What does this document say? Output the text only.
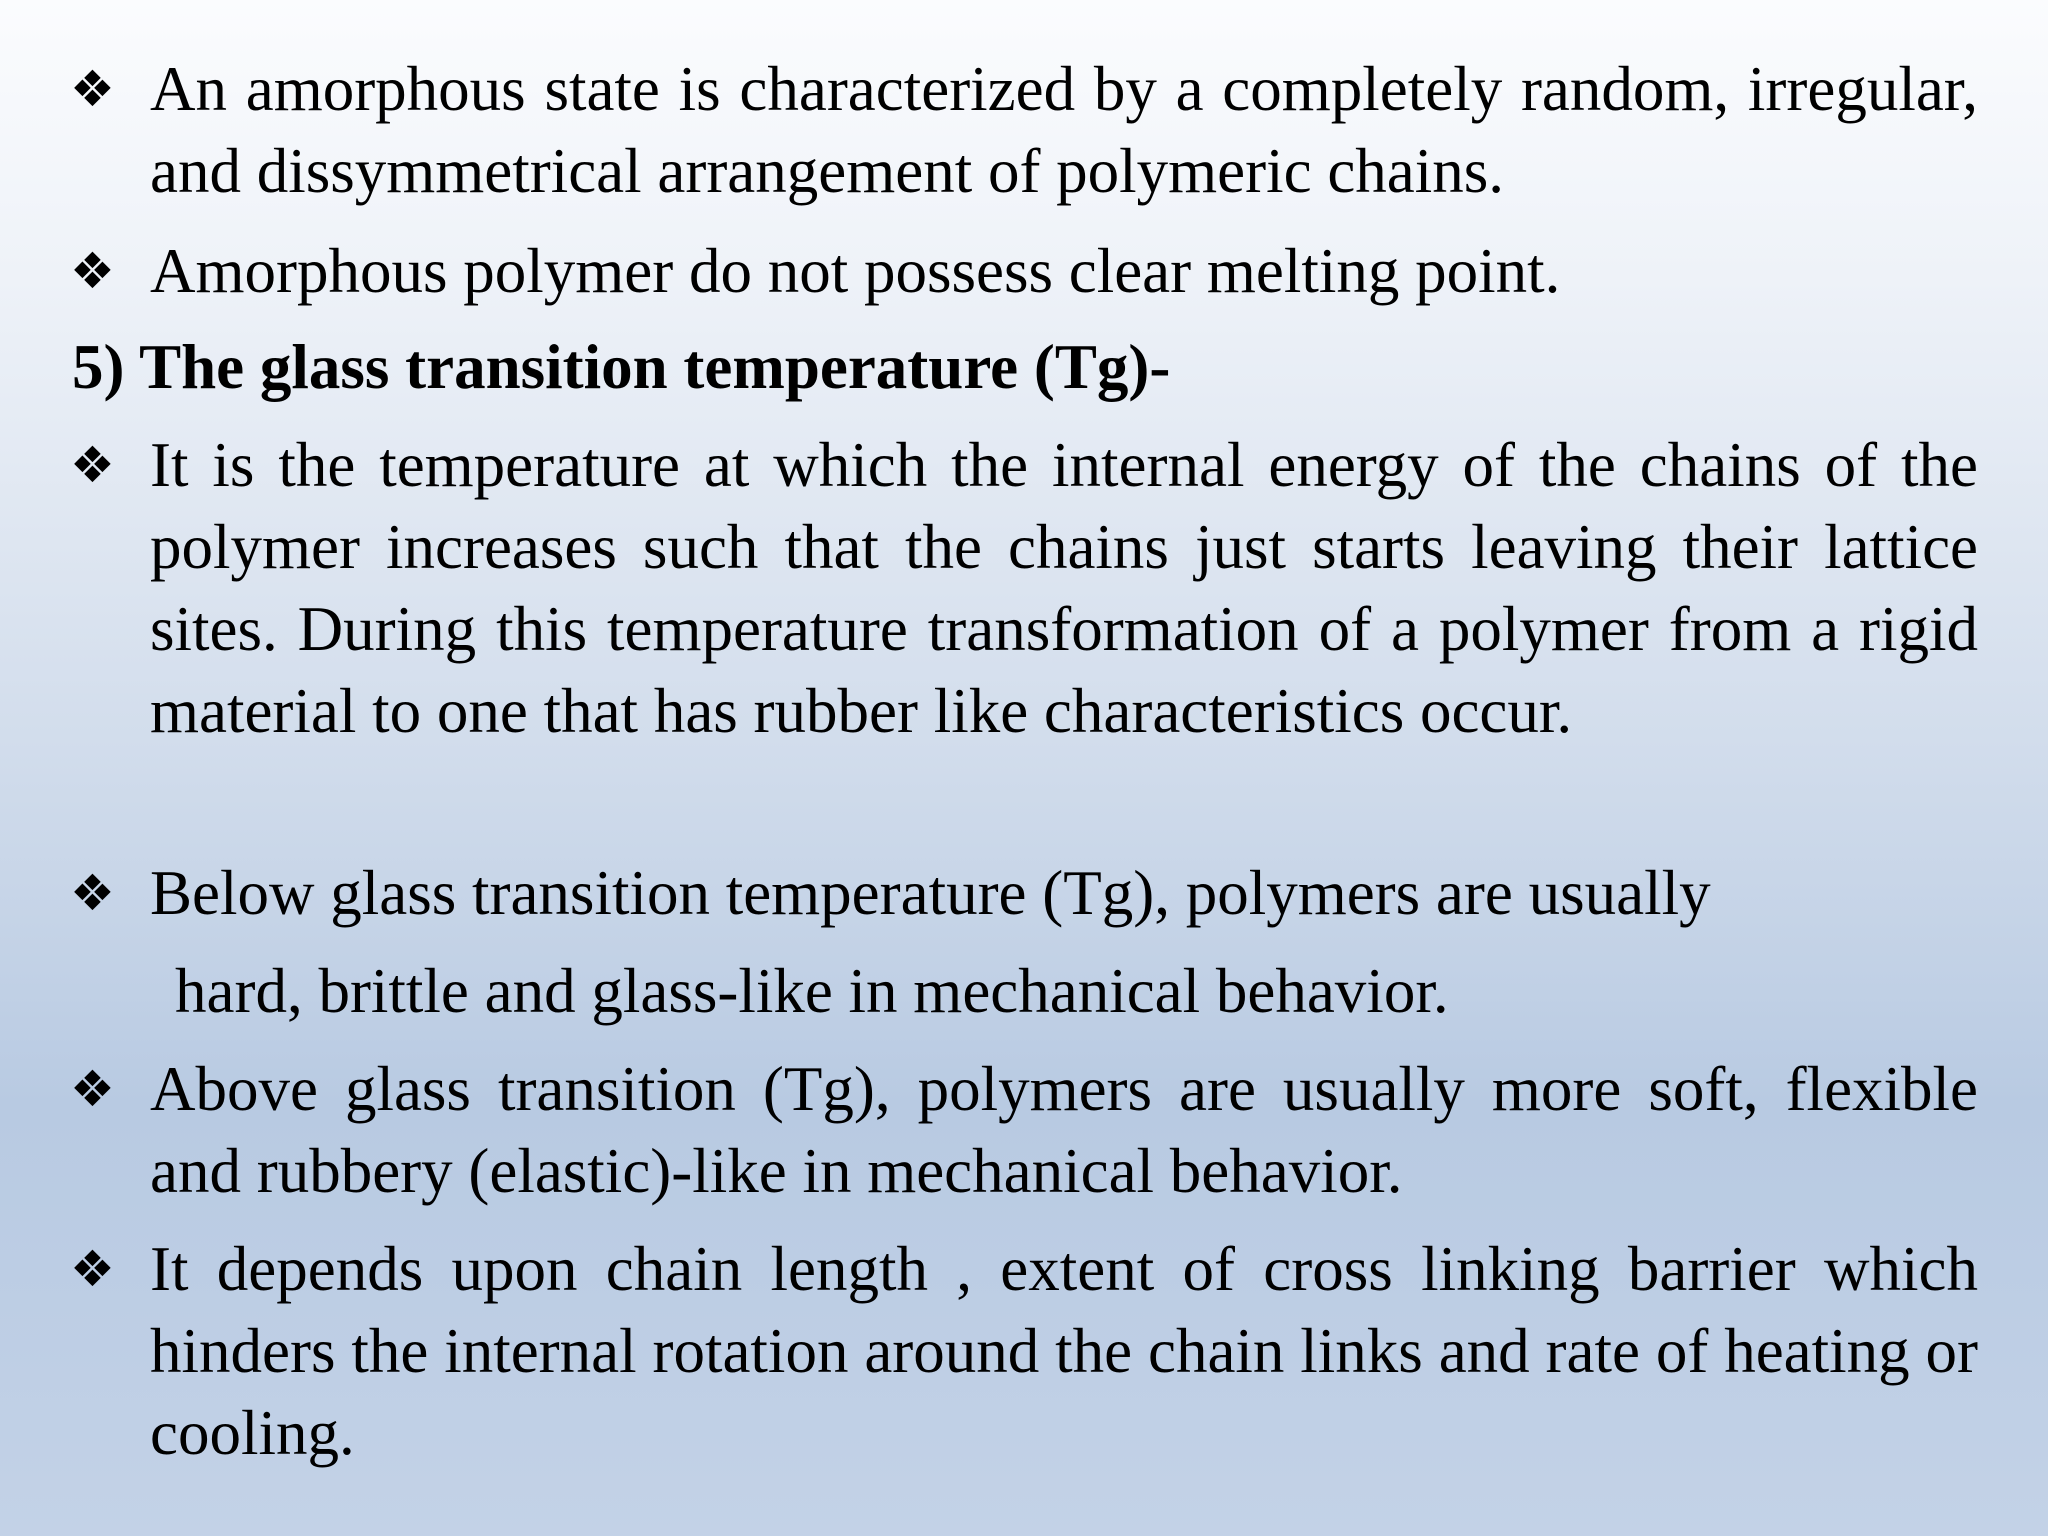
❖ An amorphous state is characterized by a completely random, irregular, and dissymmetrical arrangement of polymeric chains.
❖ Amorphous polymer do not possess clear melting point.
5) The glass transition temperature (Tg)-
❖ It is the temperature at which the internal energy of the chains of the polymer increases such that the chains just starts leaving their lattice sites. During this temperature transformation of a polymer from a rigid material to one that has rubber like characteristics occur.
❖ Below glass transition temperature (Tg), polymers are usually
hard, brittle and glass-like in mechanical behavior.
❖ Above glass transition (Tg), polymers are usually more soft, flexible and rubbery (elastic)-like in mechanical behavior.
❖ It depends upon chain length , extent of cross linking barrier which hinders the internal rotation around the chain links and rate of heating or cooling.
